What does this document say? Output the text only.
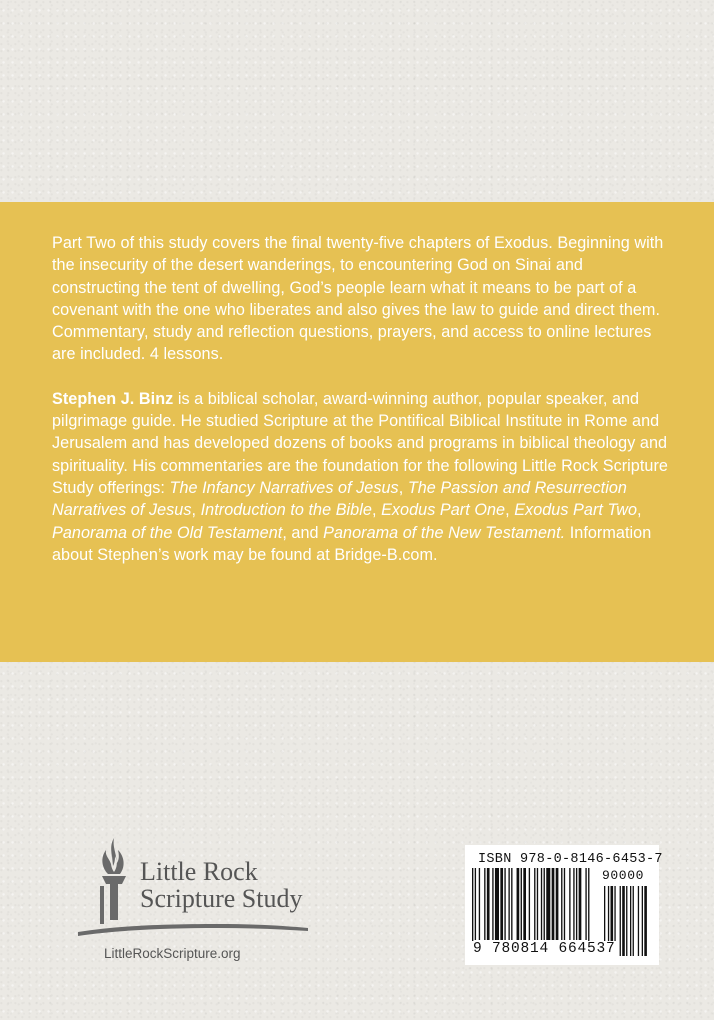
Part Two of this study covers the final twenty-five chapters of Exodus. Beginning with the insecurity of the desert wanderings, to encountering God on Sinai and constructing the tent of dwelling, God’s people learn what it means to be part of a covenant with the one who liberates and also gives the law to guide and direct them. Commentary, study and reflection questions, prayers, and access to online lectures are included. 4 lessons.

Stephen J. Binz is a biblical scholar, award-winning author, popular speaker, and pilgrimage guide. He studied Scripture at the Pontifical Biblical Institute in Rome and Jerusalem and has developed dozens of books and programs in biblical theology and spirituality. His commentaries are the foundation for the following Little Rock Scripture Study offerings: The Infancy Narratives of Jesus, The Passion and Resurrection Narratives of Jesus, Introduction to the Bible, Exodus Part One, Exodus Part Two, Panorama of the Old Testament, and Panorama of the New Testament. Information about Stephen’s work may be found at Bridge-B.com.

Little Rock
Scripture Study
LittleRockScripture.org
ISBN 978-0-8146-6453-7
90000
9 780814 664537
